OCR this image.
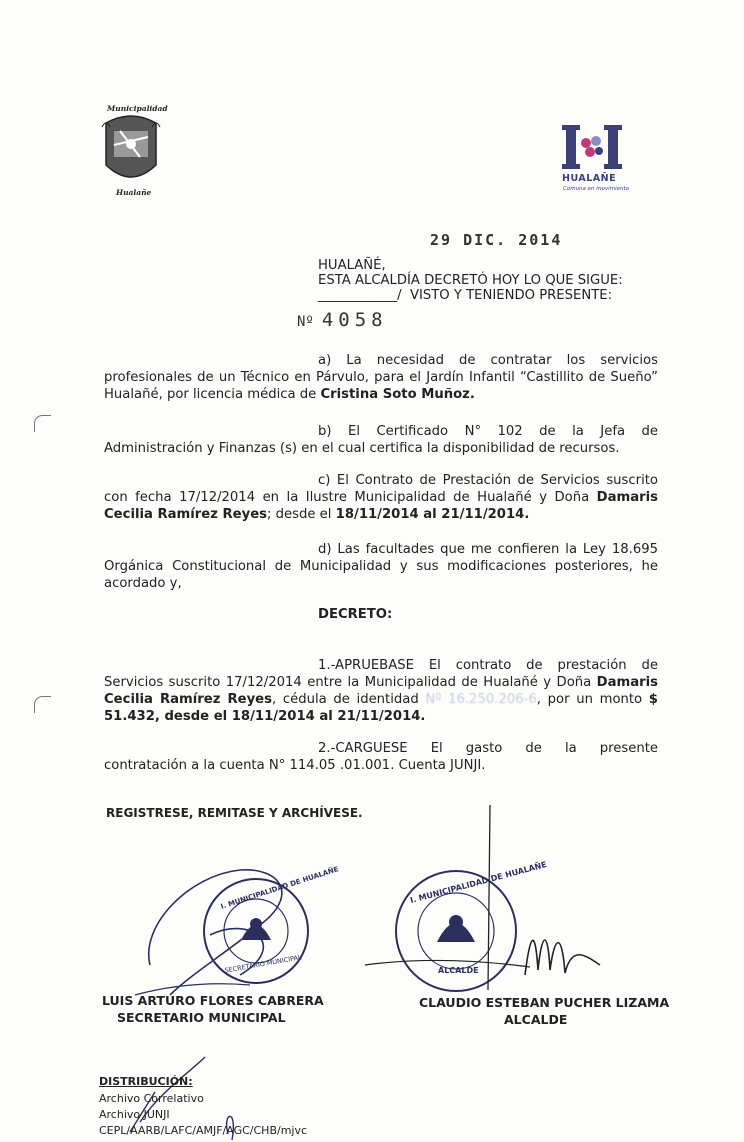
Municipalidad
Hualañe
HUALAÑE
Comuna en movimiento
29 DIC. 2014
HUALAÑÉ,
ESTA ALCALDÍA DECRETÓ HOY LO QUE SIGUE:
____________/ VISTO Y TENIENDO PRESENTE:
Nº 4058
a) La necesidad de contratar los servicios
profesionales de un Técnico en Párvulo, para el Jardín Infantil “Castillito de Sueño” Hualañé, por licencia médica de Cristina Soto Muñoz.
b) El Certificado N° 102 de la Jefa de
Administración y Finanzas (s) en el cual certifica la disponibilidad de recursos.
c) El Contrato de Prestación de Servicios suscrito
con fecha 17/12/2014 en la Ilustre Municipalidad de Hualañé y Doña Damaris Cecilia Ramírez Reyes; desde el 18/11/2014 al 21/11/2014.
d) Las facultades que me confieren la Ley 18.695
Orgánica Constitucional de Municipalidad y sus modificaciones posteriores, he acordado y,
DECRETO:
1.-APRUEBASE El contrato de prestación de
Servicios suscrito 17/12/2014 entre la Municipalidad de Hualañé y Doña Damaris Cecilia Ramírez Reyes, cédula de identidad Nº 16.250.206-6, por un monto $ 51.432, desde el 18/11/2014 al 21/11/2014.
2.-CARGUESE El gasto de la presente
contratación a la cuenta N° 114.05 .01.001. Cuenta JUNJI.
REGISTRESE, REMITASE Y ARCHÍVESE.
I. MUNICIPALIDAD DE HUALAÑE
SECRETARIO MUNICIPAL
LUIS ARTURO FLORES CABRERA
SECRETARIO MUNICIPAL
I. MUNICIPALIDAD DE HUALAÑE
ALCALDE
CLAUDIO ESTEBAN PUCHER LIZAMA
ALCALDE
DISTRIBUCIÓN:
Archivo Correlativo
Archivo JUNJI
CEPL/AARB/LAFC/AMJF/AGC/CHB/mjvc
